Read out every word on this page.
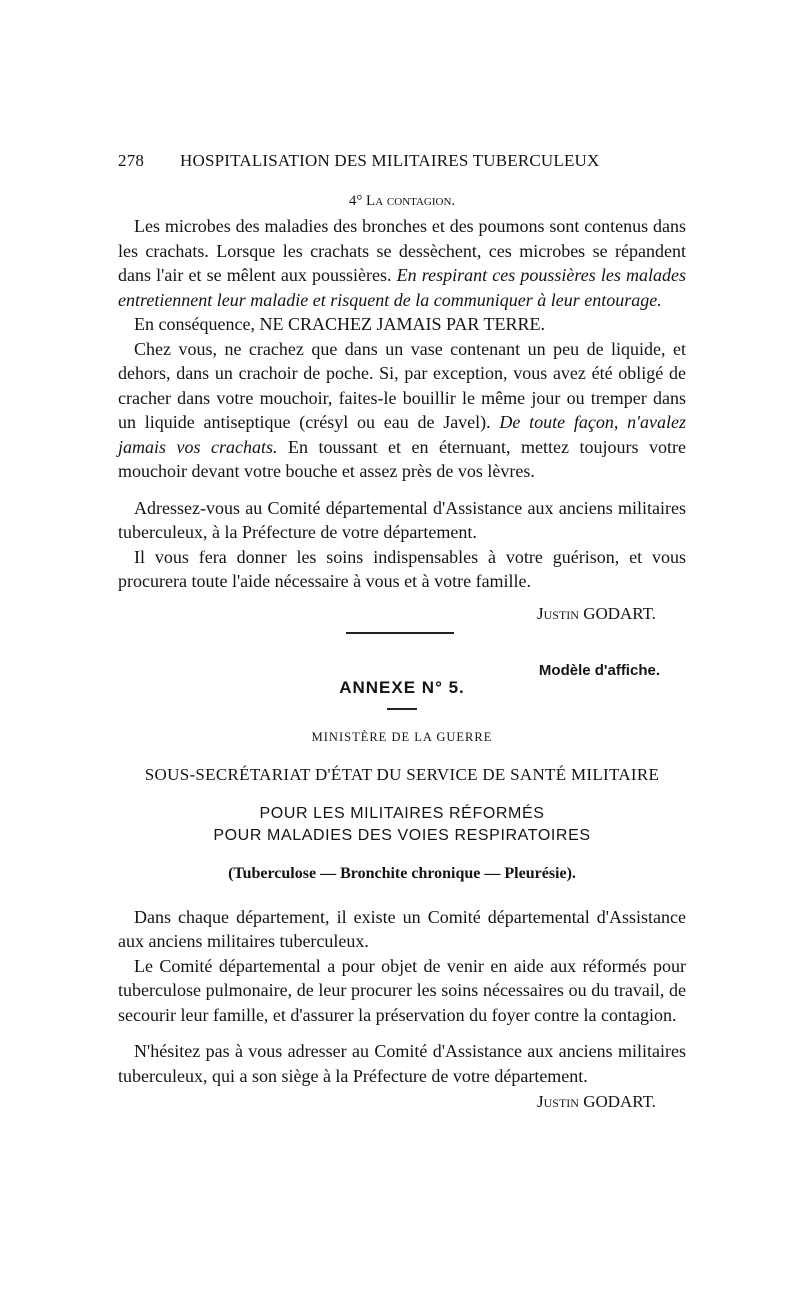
278	HOSPITALISATION DES MILITAIRES TUBERCULEUX
4° La contagion.

Les microbes des maladies des bronches et des poumons sont contenus dans les crachats. Lorsque les crachats se dessèchent, ces microbes se répandent dans l'air et se mêlent aux poussières. En respirant ces poussières les malades entretiennent leur maladie et risquent de la communiquer à leur entourage.

En conséquence, NE CRACHEZ JAMAIS PAR TERRE.

Chez vous, ne crachez que dans un vase contenant un peu de liquide, et dehors, dans un crachoir de poche. Si, par exception, vous avez été obligé de cracher dans votre mouchoir, faites-le bouillir le même jour ou tremper dans un liquide antiseptique (crésyl ou eau de Javel). De toute façon, n'avalez jamais vos crachats. En toussant et en éternuant, mettez toujours votre mouchoir devant votre bouche et assez près de vos lèvres.

Adressez-vous au Comité départemental d'Assistance aux anciens militaires tuberculeux, à la Préfecture de votre département.

Il vous fera donner les soins indispensables à votre guérison, et vous procurera toute l'aide nécessaire à vous et à votre famille.

Justin GODART.
Modèle d'affiche.
ANNEXE N° 5.
MINISTÈRE DE LA GUERRE
SOUS-SECRÉTARIAT D'ÉTAT DU SERVICE DE SANTÉ MILITAIRE
POUR LES MILITAIRES RÉFORMÉS
POUR MALADIES DES VOIES RESPIRATOIRES
(Tuberculose — Bronchite chronique — Pleurésie).

Dans chaque département, il existe un Comité départemental d'Assistance aux anciens militaires tuberculeux.

Le Comité départemental a pour objet de venir en aide aux réformés pour tuberculose pulmonaire, de leur procurer les soins nécessaires ou du travail, de secourir leur famille, et d'assurer la préservation du foyer contre la contagion.

N'hésitez pas à vous adresser au Comité d'Assistance aux anciens militaires tuberculeux, qui a son siège à la Préfecture de votre département.

Justin GODART.
